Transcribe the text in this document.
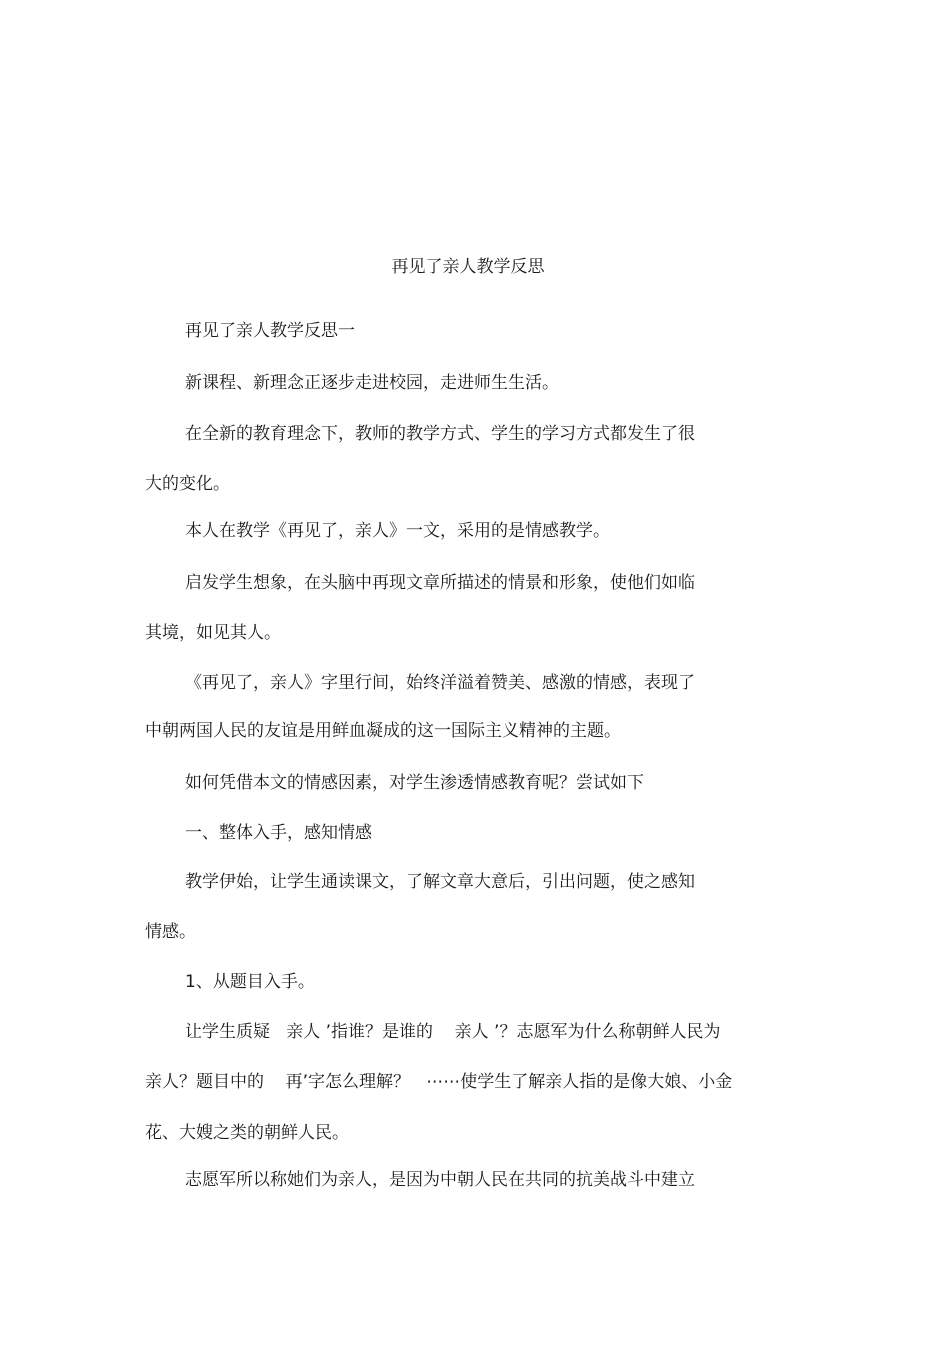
再见了亲人教学反思
再见了亲人教学反思一
新课程、新理念正逐步走进校园，走进师生生活。
在全新的教育理念下，教师的教学方式、学生的学习方式都发生了很
大的变化。
本人在教学《再见了，亲人》一文，采用的是情感教学。
启发学生想象，在头脑中再现文章所描述的情景和形象，使他们如临
其境，如见其人。
《再见了，亲人》字里行间，始终洋溢着赞美、感激的情感，表现了
中朝两国人民的友谊是用鲜血凝成的这一国际主义精神的主题。
如何凭借本文的情感因素，对学生渗透情感教育呢？尝试如下
一、整体入手，感知情感
教学伊始，让学生通读课文，了解文章大意后，引出问题，使之感知
情感。
1、从题目入手。
让学生质疑   亲人 ’指谁？是谁的    亲人 ’？志愿军为什么称朝鲜人民为
亲人？题目中的    再’字怎么理解？   ⋯⋯使学生了解亲人指的是像大娘、小金
花、大嫂之类的朝鲜人民。
志愿军所以称她们为亲人，是因为中朝人民在共同的抗美战斗中建立
